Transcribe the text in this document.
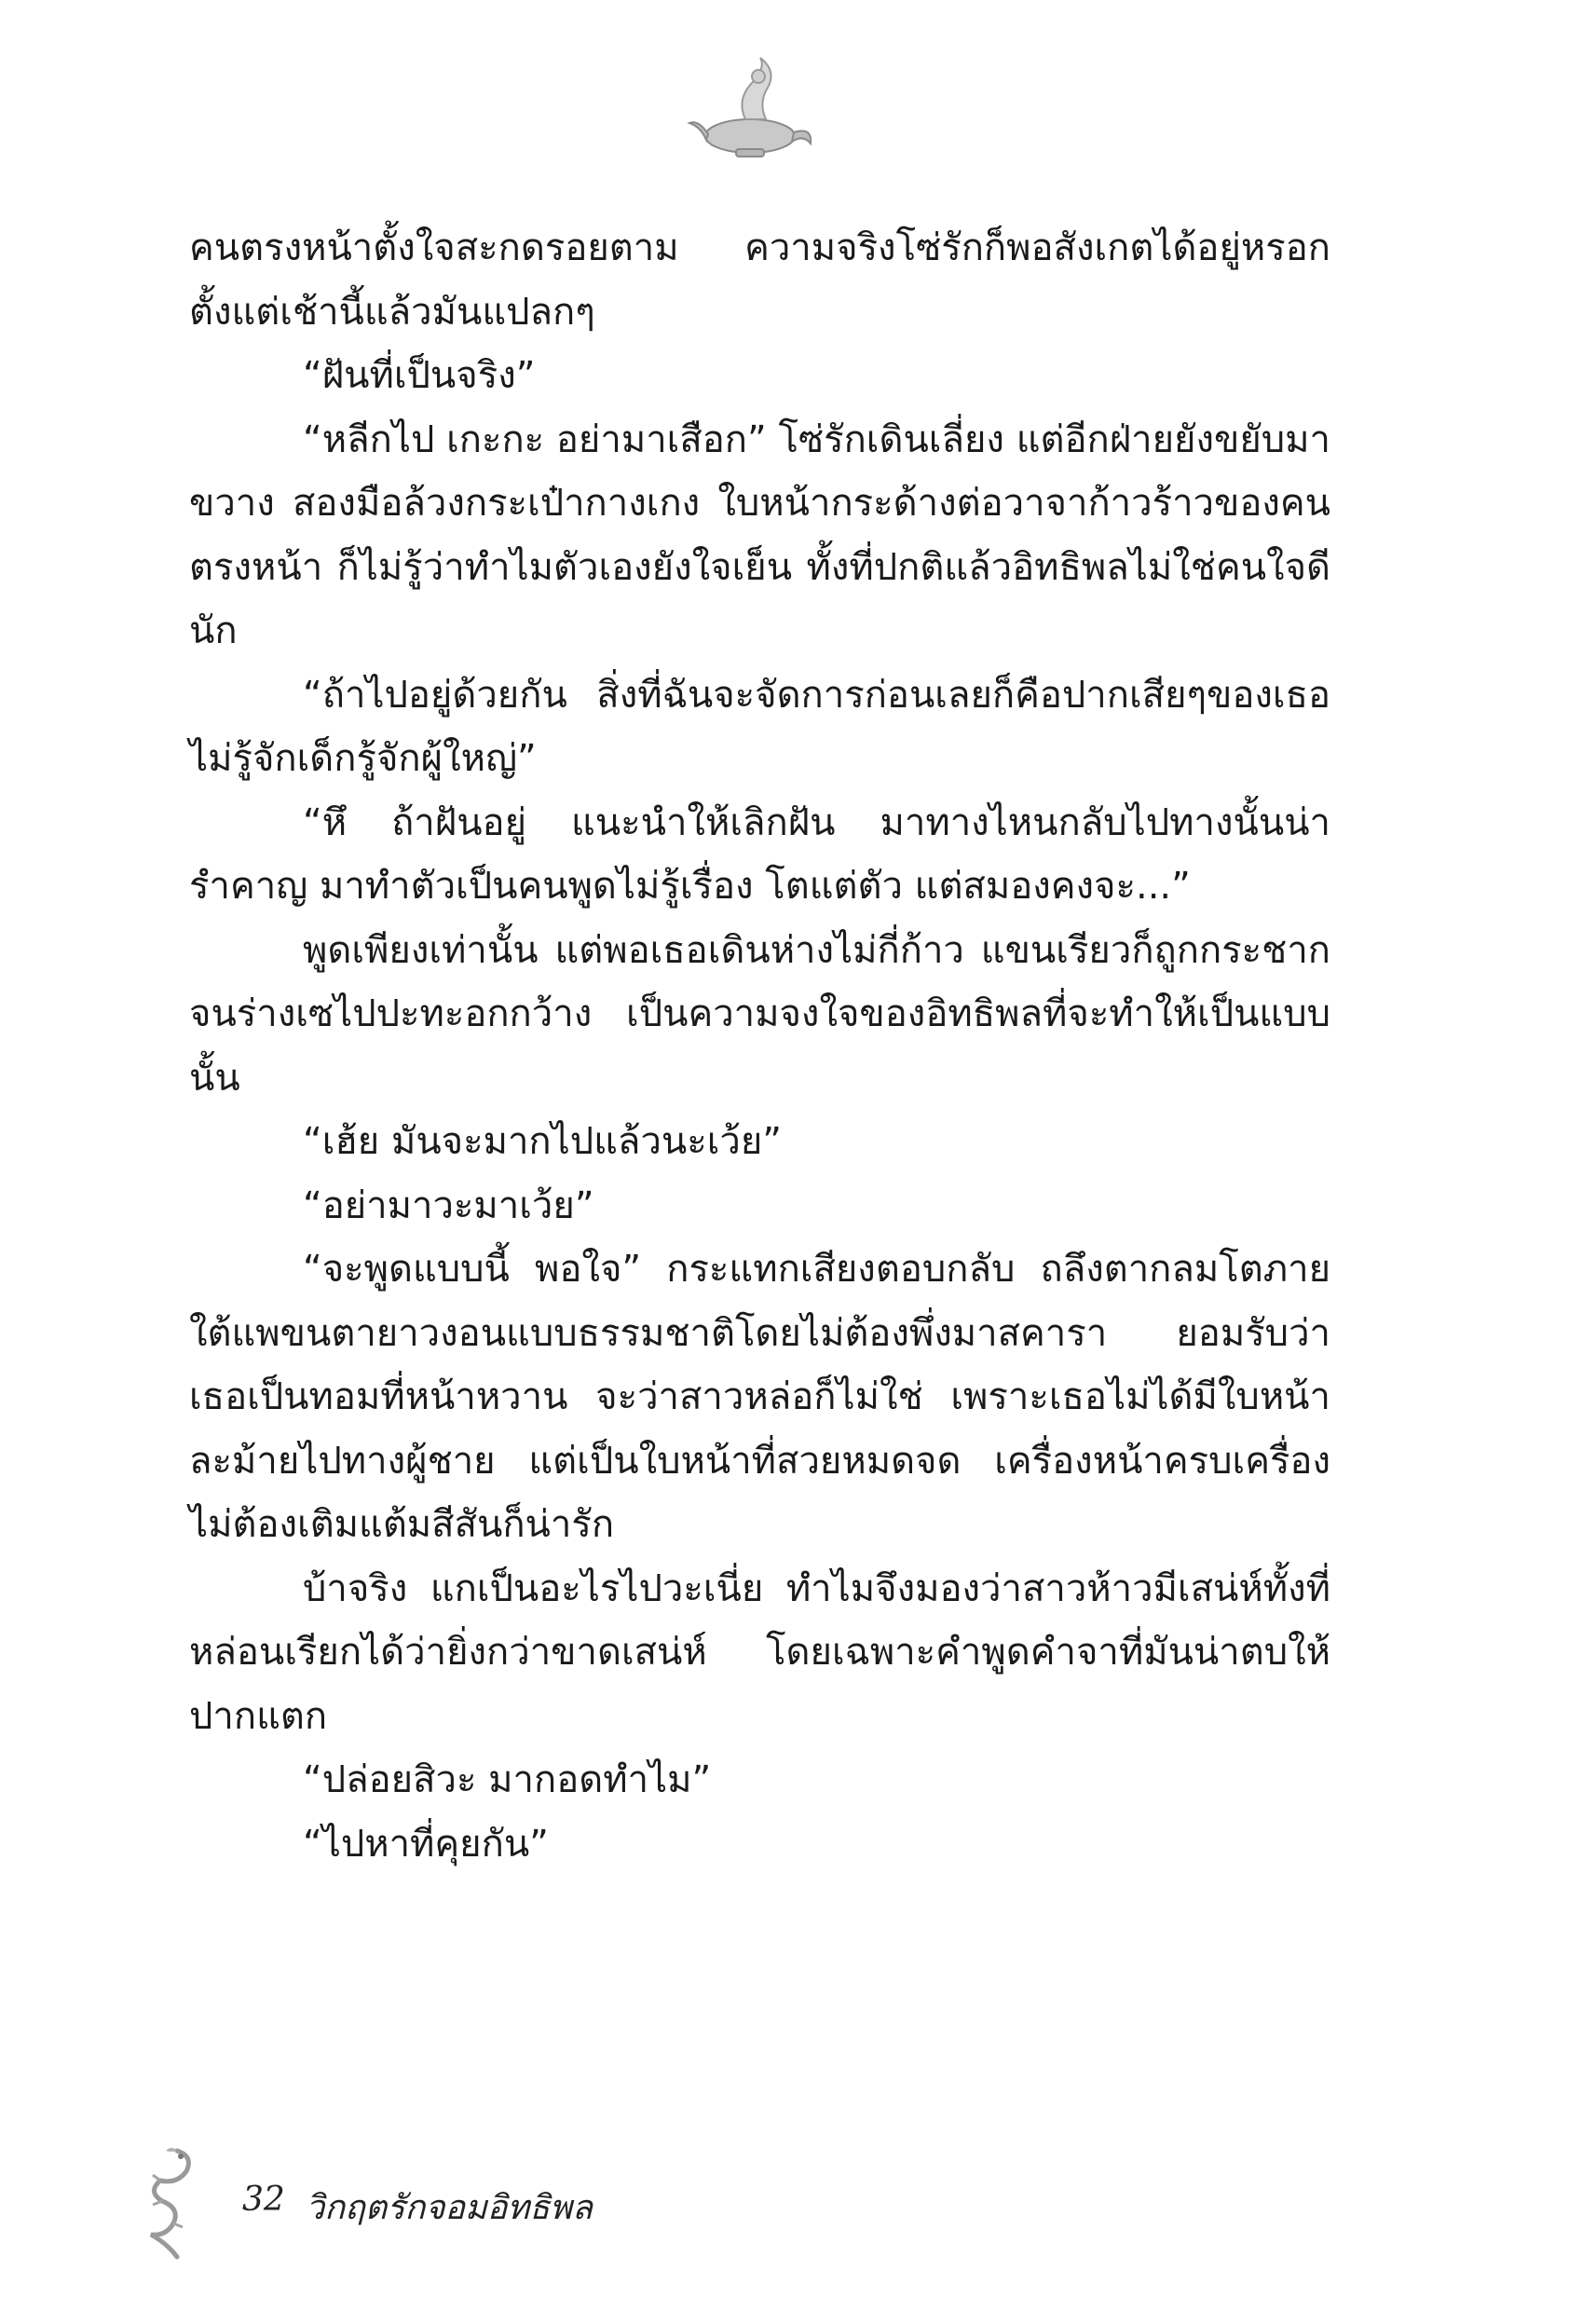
คนตรงหน้าตั้งใจสะกดรอยตาม ความจริงโซ่รักก็พอสังเกตได้อยู่หรอกตั้งแต่เช้านี้แล้วมันแปลกๆ

“ฝันที่เป็นจริง”

“หลีกไป เกะกะ อย่ามาเสือก” โซ่รักเดินเลี่ยง แต่อีกฝ่ายยังขยับมาขวาง สองมือล้วงกระเป๋ากางเกง ใบหน้ากระด้างต่อวาจาก้าวร้าวของคนตรงหน้า ก็ไม่รู้ว่าทำไมตัวเองยังใจเย็น ทั้งที่ปกติแล้วอิทธิพลไม่ใช่คนใจดีนัก

“ถ้าไปอยู่ด้วยกัน สิ่งที่ฉันจะจัดการก่อนเลยก็คือปากเสียๆของเธอ ไม่รู้จักเด็กรู้จักผู้ใหญ่”

“หึ ถ้าฝันอยู่ แนะนำให้เลิกฝัน มาทางไหนกลับไปทางนั้นน่ารำคาญ มาทำตัวเป็นคนพูดไม่รู้เรื่อง โตแต่ตัว แต่สมองคงจะ...”

พูดเพียงเท่านั้น แต่พอเธอเดินห่างไม่กี่ก้าว แขนเรียวก็ถูกกระชากจนร่างเซไปปะทะอกกว้าง เป็นความจงใจของอิทธิพลที่จะทำให้เป็นแบบนั้น

“เฮ้ย มันจะมากไปแล้วนะเว้ย”

“อย่ามาวะมาเว้ย”

“จะพูดแบบนี้ พอใจ” กระแทกเสียงตอบกลับ ถลึงตากลมโตภายใต้แพขนตายาวงอนแบบธรรมชาติโดยไม่ต้องพึ่งมาสคารา ยอมรับว่าเธอเป็นทอมที่หน้าหวาน จะว่าสาวหล่อก็ไม่ใช่ เพราะเธอไม่ได้มีใบหน้าละม้ายไปทางผู้ชาย แต่เป็นใบหน้าที่สวยหมดจด เครื่องหน้าครบเครื่อง ไม่ต้องเติมแต้มสีสันก็น่ารัก

บ้าจริง แกเป็นอะไรไปวะเนี่ย ทำไมจึงมองว่าสาวห้าวมีเสน่ห์ทั้งที่หล่อนเรียกได้ว่ายิ่งกว่าขาดเสน่ห์ โดยเฉพาะคำพูดคำจาที่มันน่าตบให้ปากแตก

“ปล่อยสิวะ มากอดทำไม”

“ไปหาที่คุยกัน”

32 วิกฤตรักจอมอิทธิพล
